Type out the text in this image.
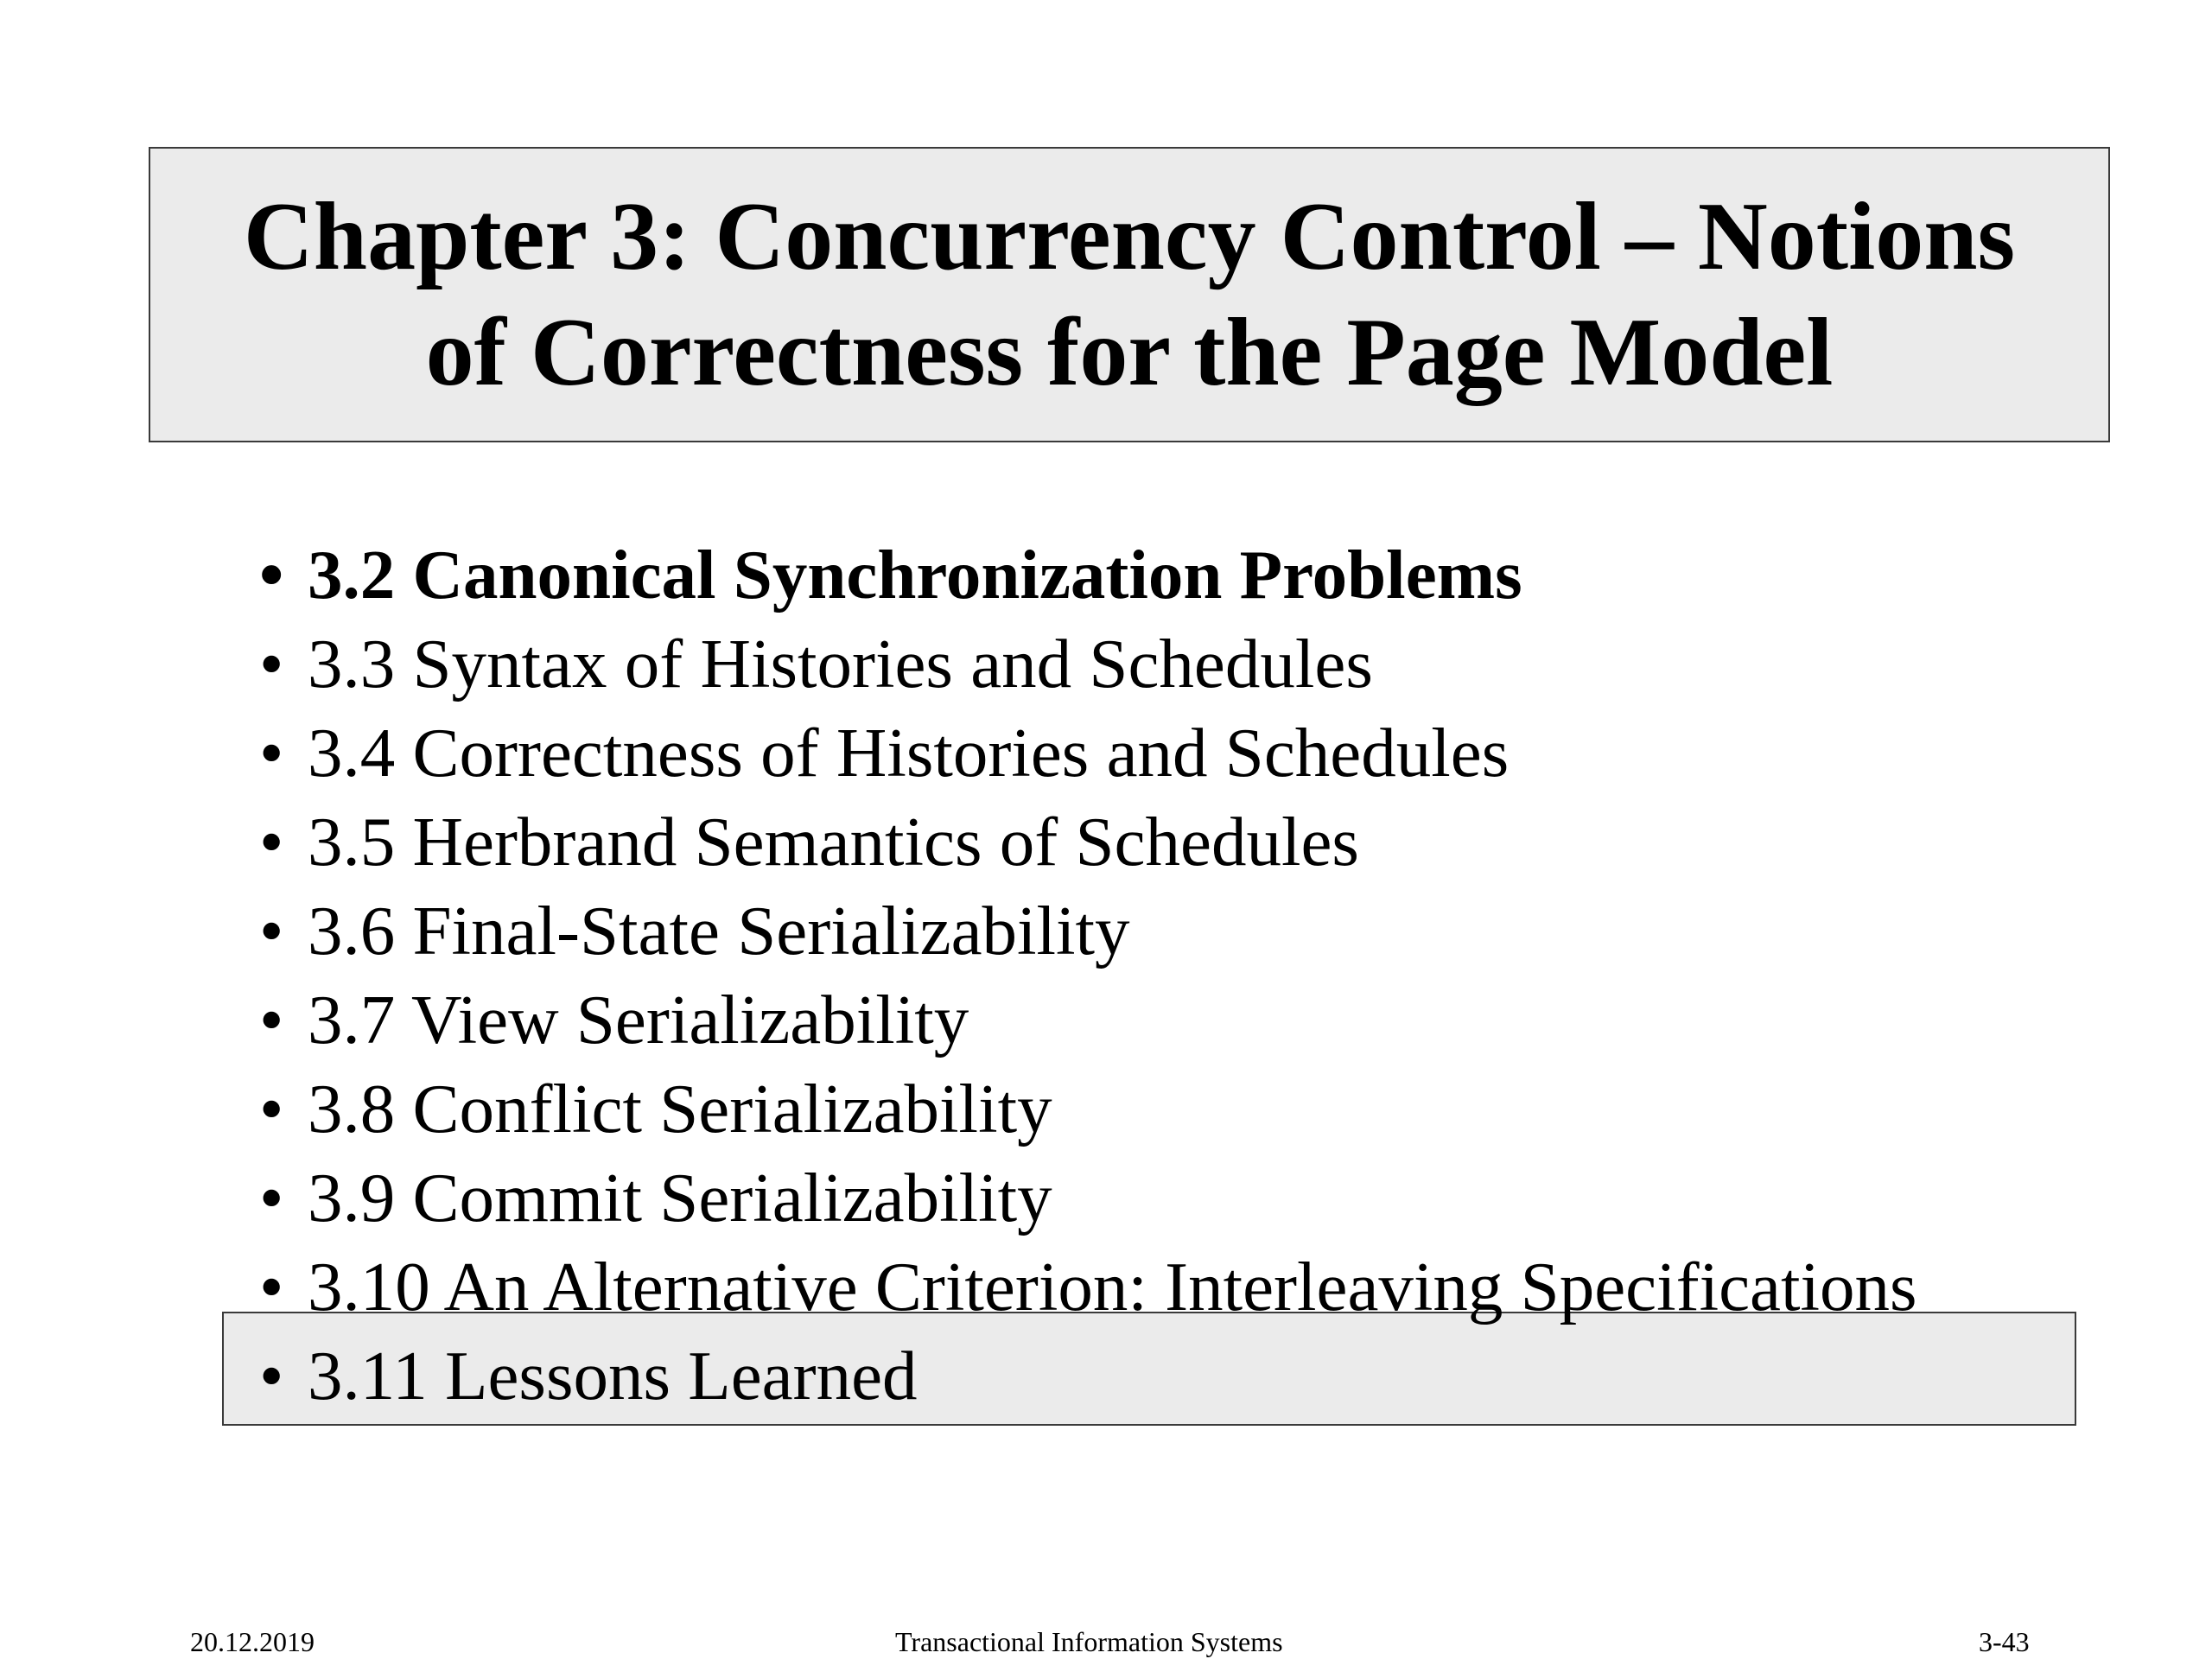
Chapter 3: Concurrency Control – Notions
of Correctness for the Page Model
• 3.2 Canonical Synchronization Problems
• 3.3 Syntax of Histories and Schedules
• 3.4 Correctness of Histories and Schedules
• 3.5 Herbrand Semantics of Schedules
• 3.6 Final-State Serializability
• 3.7 View Serializability
• 3.8 Conflict Serializability
• 3.9 Commit Serializability
• 3.10 An Alternative Criterion: Interleaving Specifications
• 3.11 Lessons Learned
20.12.2019	Transactional Information Systems	3-43
